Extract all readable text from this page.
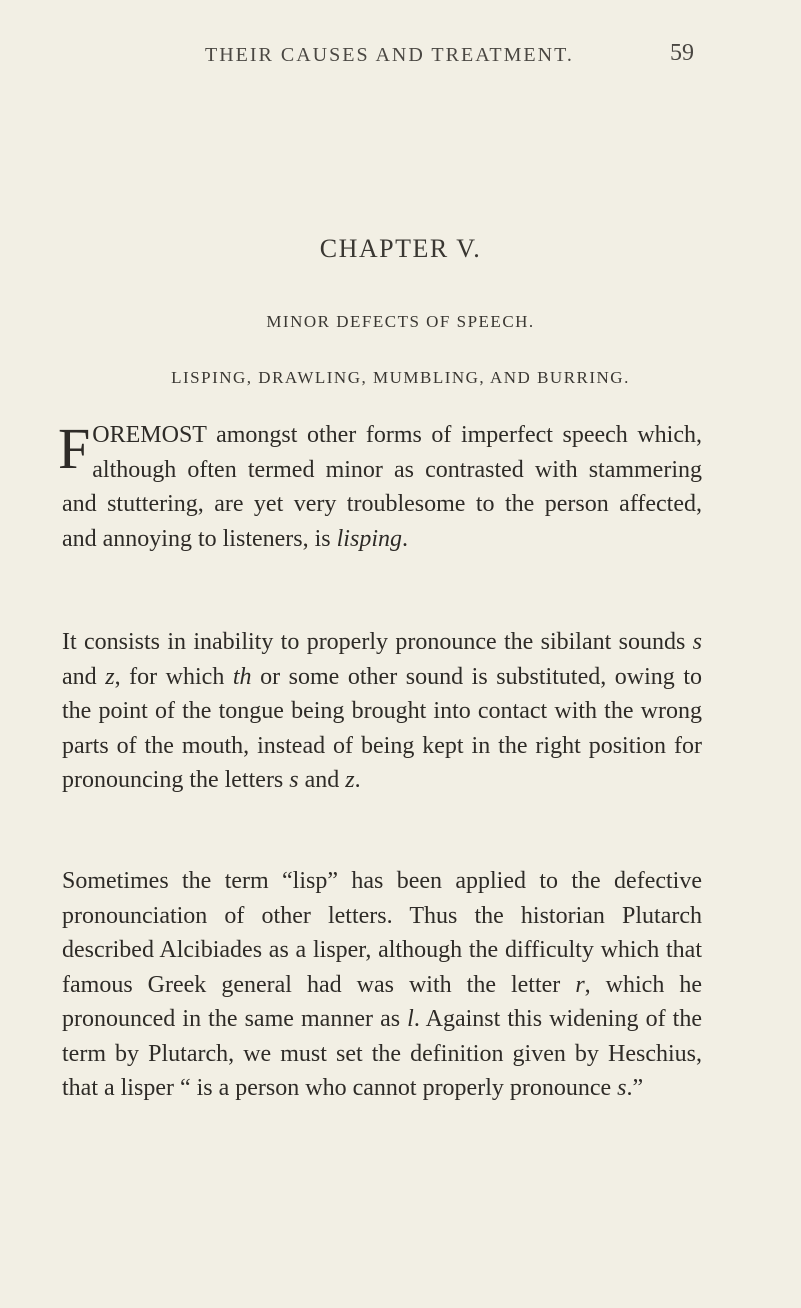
THEIR CAUSES AND TREATMENT.	59
CHAPTER V.
MINOR DEFECTS OF SPEECH.
LISPING, DRAWLING, MUMBLING, AND BURRING.

FOREMOST amongst other forms of imperfect speech which, although often termed minor as contrasted with stammering and stuttering, are yet very troublesome to the person affected, and annoying to listeners, is lisping.

It consists in inability to properly pronounce the sibilant sounds s and z, for which th or some other sound is substituted, owing to the point of the tongue being brought into contact with the wrong parts of the mouth, instead of being kept in the right position for pronouncing the letters s and z.

Sometimes the term “lisp” has been applied to the defective pronounciation of other letters. Thus the historian Plutarch described Alcibiades as a lisper, although the difficulty which that famous Greek general had was with the letter r, which he pronounced in the same manner as l. Against this widening of the term by Plutarch, we must set the definition given by Heschius, that a lisper “ is a person who cannot properly pronounce s.”
